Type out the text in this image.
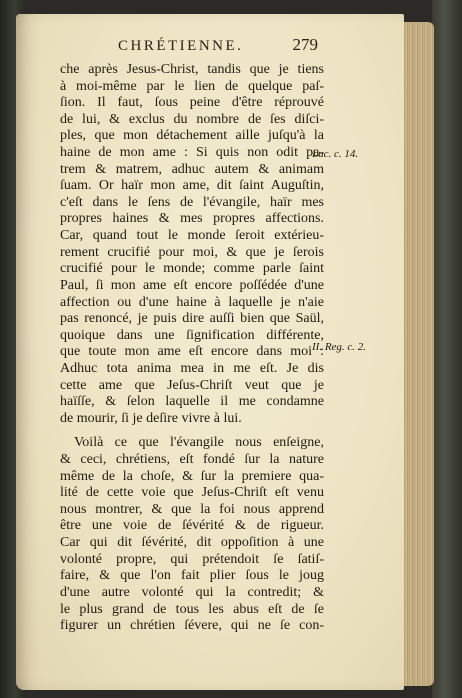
CHRÉTIENNE.	279
che après Jesus-Christ, tandis que je tiens
à moi-même par le lien de quelque paſ-
ſion. Il faut, ſous peine d'être réprouvé
de lui, & exclus du nombre de ſes diſci-
ples, que mon détachement aille juſqu'à la
haine de mon ame : Si quis non odit pa-
trem & matrem, adhuc autem & animam
ſuam. Or haïr mon ame, dit ſaint Auguſtin,
c'eſt dans le ſens de l'évangile, haïr mes
propres haines & mes propres affections.
Car, quand tout le monde ſeroit extérieu-
rement crucifié pour moi, & que je ſerois
crucifié pour le monde; comme parle ſaint
Paul, ſi mon ame eſt encore poſſédée d'une
affection ou d'une haine à laquelle je n'aie
pas renoncé, je puis dire auſſi bien que Saül,
quoique dans une ſignification différente,
que toute mon ame eſt encore dans moi :
Adhuc tota anima mea in me eſt. Je dis
cette ame que Jeſus-Chriſt veut que je
haïſſe, & ſelon laquelle il me condamne
de mourir, ſi je deſire vivre à lui.
Voilà ce que l'évangile nous enſeigne,
& ceci, chrétiens, eſt fondé ſur la nature
même de la choſe, & ſur la premiere qua-
lité de cette voie que Jeſus-Chriſt eſt venu
nous montrer, & que la foi nous apprend
être une voie de ſévérité & de rigueur.
Car qui dit ſévérité, dit oppoſition à une
volonté propre, qui prétendoit ſe ſatiſ-
faire, & que l'on fait plier ſous le joug
d'une autre volonté qui la contredit; &
le plus grand de tous les abus eſt de ſe
figurer un chrétien ſévere, qui ne ſe con-
Luc. c. 14.
II. Reg. c. 2.
